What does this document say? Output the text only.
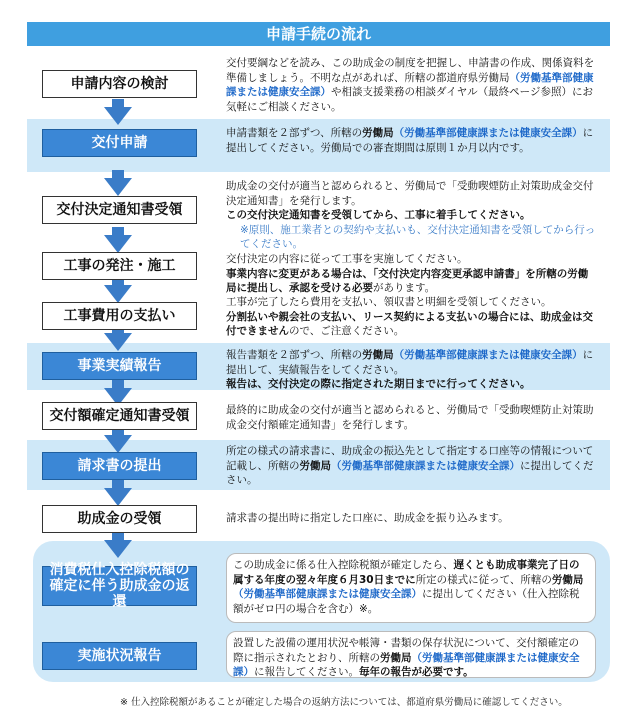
申請手続の流れ
申請内容の検討
交付申請
交付決定通知書受領
工事の発注・施工
工事費用の支払い
事業実績報告
交付額確定通知書受領
請求書の提出
助成金の受領
消費税仕入控除税額の
確定に伴う助成金の返還
実施状況報告
交付要綱などを読み、この助成金の制度を把握し、申請書の作成、関係資料を準備しましょう。不明な点があれば、所轄の都道府県労働局（労働基準部健康課または健康安全課）や相談支援業務の相談ダイヤル（最終ページ参照）にお気軽にご相談ください。
申請書類を２部ずつ、所轄の労働局（労働基準部健康課または健康安全課）に提出してください。労働局での審査期間は原則１か月以内です。
助成金の交付が適当と認められると、労働局で「受動喫煙防止対策助成金交付決定通知書」を発行します。
この交付決定通知書を受領してから、工事に着手してください。

※原則、施工業者との契約や支払いも、交付決定通知書を受領してから行ってください。
交付決定の内容に従って工事を実施してください。
事業内容に変更がある場合は、「交付決定内容変更承認申請書」を所轄の労働局に提出し、承認を受ける必要があります。
工事が完了したら費用を支払い、領収書と明細を受領してください。
分割払いや親会社の支払い、リース契約による支払いの場合には、助成金は交付できませんので、ご注意ください。
報告書類を２部ずつ、所轄の労働局（労働基準部健康課または健康安全課）に提出して、実績報告をしてください。
報告は、交付決定の際に指定された期日までに行ってください。
最終的に助成金の交付が適当と認められると、労働局で「受動喫煙防止対策助成金交付額確定通知書」を発行します。
所定の様式の請求書に、助成金の振込先として指定する口座等の情報について記載し、所轄の労働局（労働基準部健康課または健康安全課）に提出してください。
請求書の提出時に指定した口座に、助成金を振り込みます。
この助成金に係る仕入控除税額が確定したら、遅くとも助成事業完了日の属する年度の翌々年度６月30日までに所定の様式に従って、所轄の労働局（労働基準部健康課または健康安全課）に提出してください（仕入控除税額がゼロ円の場合を含む）※。
設置した設備の運用状況や帳簿・書類の保存状況について、交付額確定の際に指示されたとおり、所轄の労働局（労働基準部健康課または健康安全課）に報告してください。毎年の報告が必要です。
※ 仕入控除税額があることが確定した場合の返納方法については、都道府県労働局に確認してください。
